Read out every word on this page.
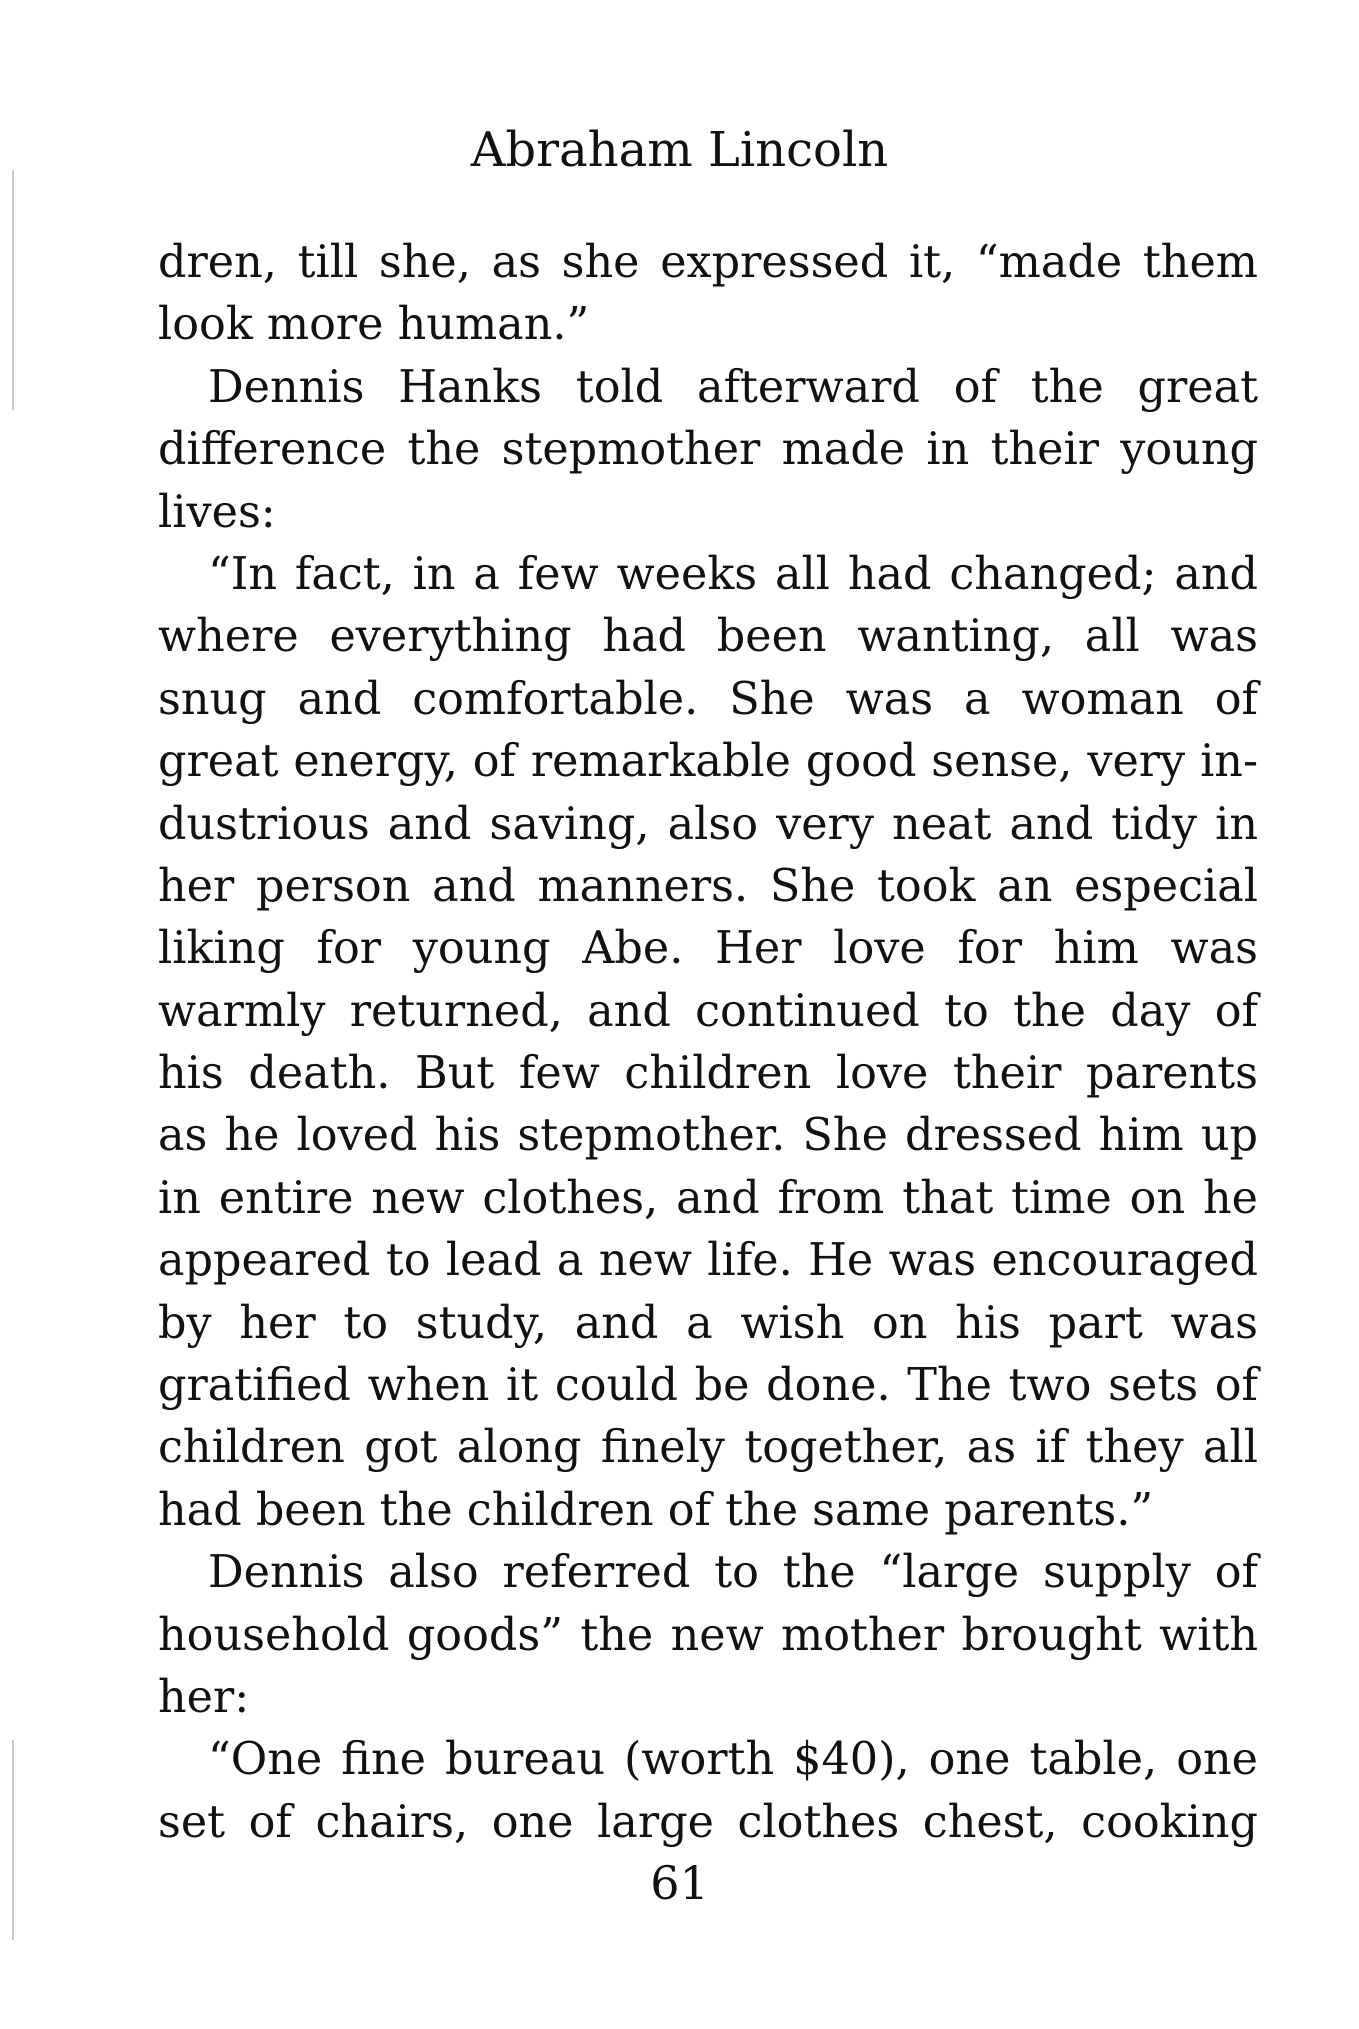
Abraham Lincoln
dren, till she, as she expressed it, “made them
look more human.”
Dennis Hanks told afterward of the great
difference the stepmother made in their young
lives:
“In fact, in a few weeks all had changed; and
where everything had been wanting, all was
snug and comfortable. She was a woman of
great energy, of remarkable good sense, very in-
dustrious and saving, also very neat and tidy in
her person and manners. She took an especial
liking for young Abe. Her love for him was
warmly returned, and continued to the day of
his death. But few children love their parents
as he loved his stepmother. She dressed him up
in entire new clothes, and from that time on he
appeared to lead a new life. He was encouraged
by her to study, and a wish on his part was
gratified when it could be done. The two sets of
children got along finely together, as if they all
had been the children of the same parents.”
Dennis also referred to the “large supply of
household goods” the new mother brought with
her:
“One fine bureau (worth $40), one table, one
set of chairs, one large clothes chest, cooking
61
